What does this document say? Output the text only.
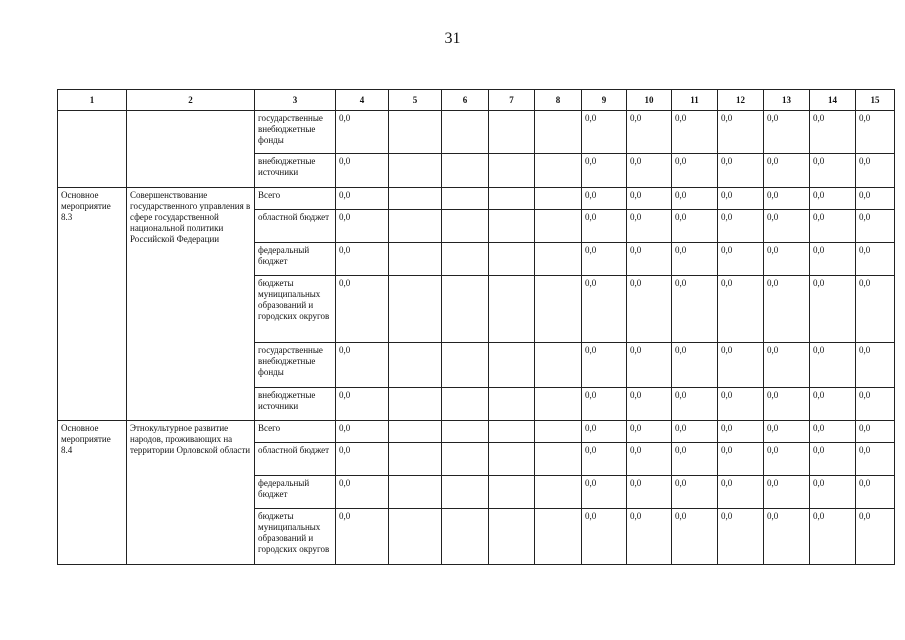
31
1	2	3	4	5	6	7	8	9	10	11	12	13	14	15
		государственные внебюджетные фонды	0,0					0,0	0,0	0,0	0,0	0,0	0,0	0,0
		внебюджетные источники	0,0					0,0	0,0	0,0	0,0	0,0	0,0	0,0
Основное мероприятие 8.3	Совершенствование государственного управления в сфере государственной национальной политики Российской Федерации	Всего	0,0					0,0	0,0	0,0	0,0	0,0	0,0	0,0
		областной бюджет	0,0					0,0	0,0	0,0	0,0	0,0	0,0	0,0
		федеральный бюджет	0,0					0,0	0,0	0,0	0,0	0,0	0,0	0,0
		бюджеты муниципальных образований и городских округов	0,0					0,0	0,0	0,0	0,0	0,0	0,0	0,0
		государственные внебюджетные фонды	0,0					0,0	0,0	0,0	0,0	0,0	0,0	0,0
		внебюджетные источники	0,0					0,0	0,0	0,0	0,0	0,0	0,0	0,0
Основное мероприятие 8.4	Этнокультурное развитие народов, проживающих на территории Орловской области	Всего	0,0					0,0	0,0	0,0	0,0	0,0	0,0	0,0
		областной бюджет	0,0					0,0	0,0	0,0	0,0	0,0	0,0	0,0
		федеральный бюджет	0,0					0,0	0,0	0,0	0,0	0,0	0,0	0,0
		бюджеты муниципальных образований и городских округов	0,0					0,0	0,0	0,0	0,0	0,0	0,0	0,0
